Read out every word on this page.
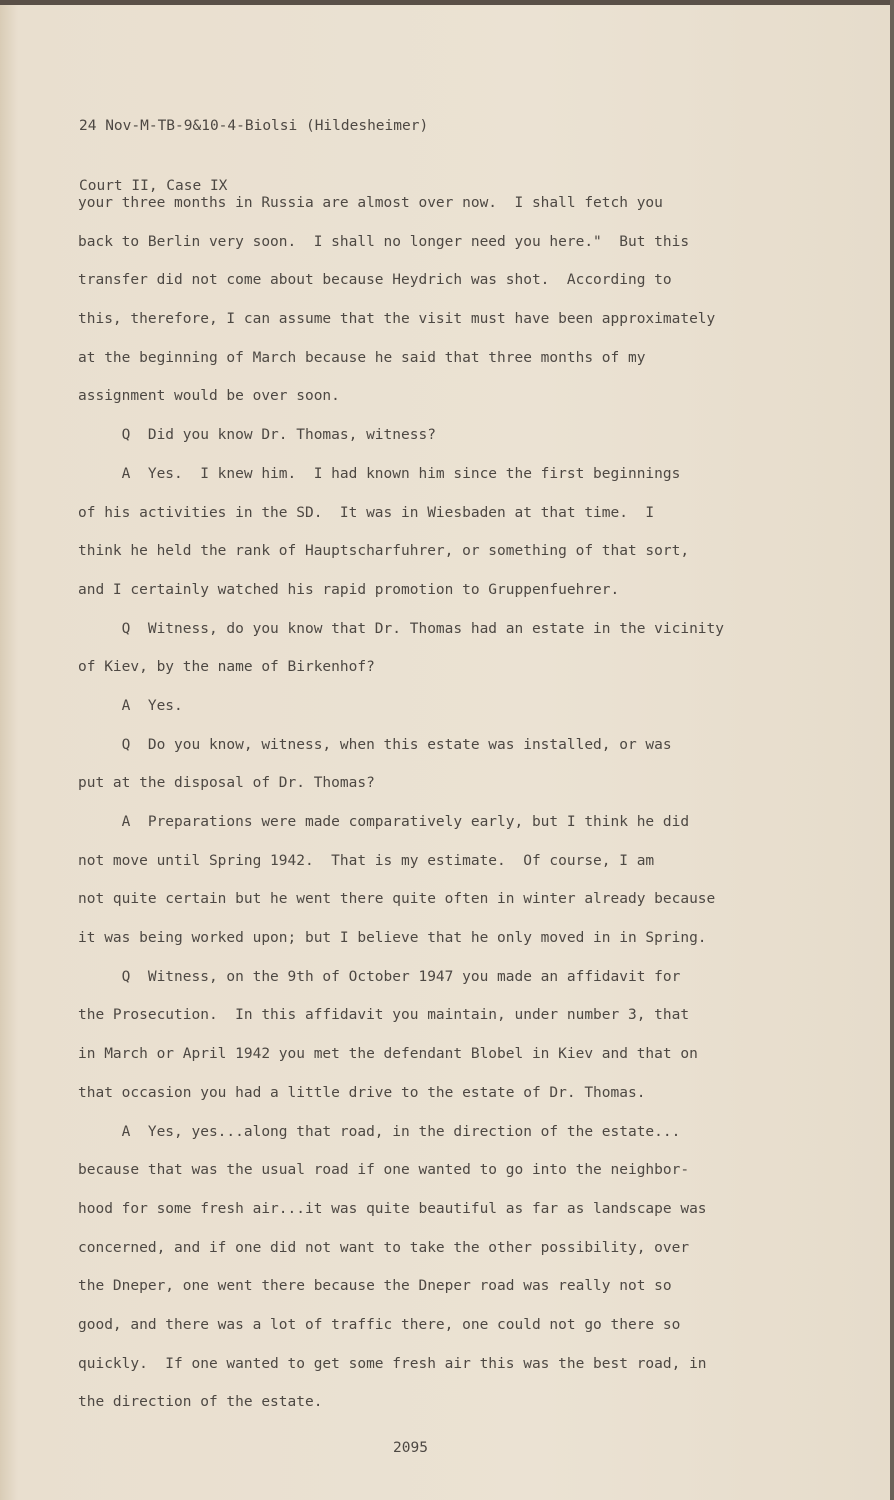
24 Nov-M-TB-9&10-4-Biolsi (Hildesheimer)

Court II, Case IX

your three months in Russia are almost over now.  I shall fetch you
back to Berlin very soon.  I shall no longer need you here."  But this
transfer did not come about because Heydrich was shot.  According to
this, therefore, I can assume that the visit must have been approximately
at the beginning of March because he said that three months of my
assignment would be over soon.
Q  Did you know Dr. Thomas, witness?
A  Yes.  I knew him.  I had known him since the first beginnings
of his activities in the SD.  It was in Wiesbaden at that time.  I
think he held the rank of Hauptscharfuhrer, or something of that sort,
and I certainly watched his rapid promotion to Gruppenfuehrer.
Q  Witness, do you know that Dr. Thomas had an estate in the vicinity
of Kiev, by the name of Birkenhof?
A  Yes.
Q  Do you know, witness, when this estate was installed, or was
put at the disposal of Dr. Thomas?
A  Preparations were made comparatively early, but I think he did
not move until Spring 1942.  That is my estimate.  Of course, I am
not quite certain but he went there quite often in winter already because
it was being worked upon; but I believe that he only moved in in Spring.
Q  Witness, on the 9th of October 1947 you made an affidavit for
the Prosecution.  In this affidavit you maintain, under number 3, that
in March or April 1942 you met the defendant Blobel in Kiev and that on
that occasion you had a little drive to the estate of Dr. Thomas.
A  Yes, yes...along that road, in the direction of the estate...
because that was the usual road if one wanted to go into the neighbor-
hood for some fresh air...it was quite beautiful as far as landscape was
concerned, and if one did not want to take the other possibility, over
the Dneper, one went there because the Dneper road was really not so
good, and there was a lot of traffic there, one could not go there so
quickly.  If one wanted to get some fresh air this was the best road, in
the direction of the estate.
2095
